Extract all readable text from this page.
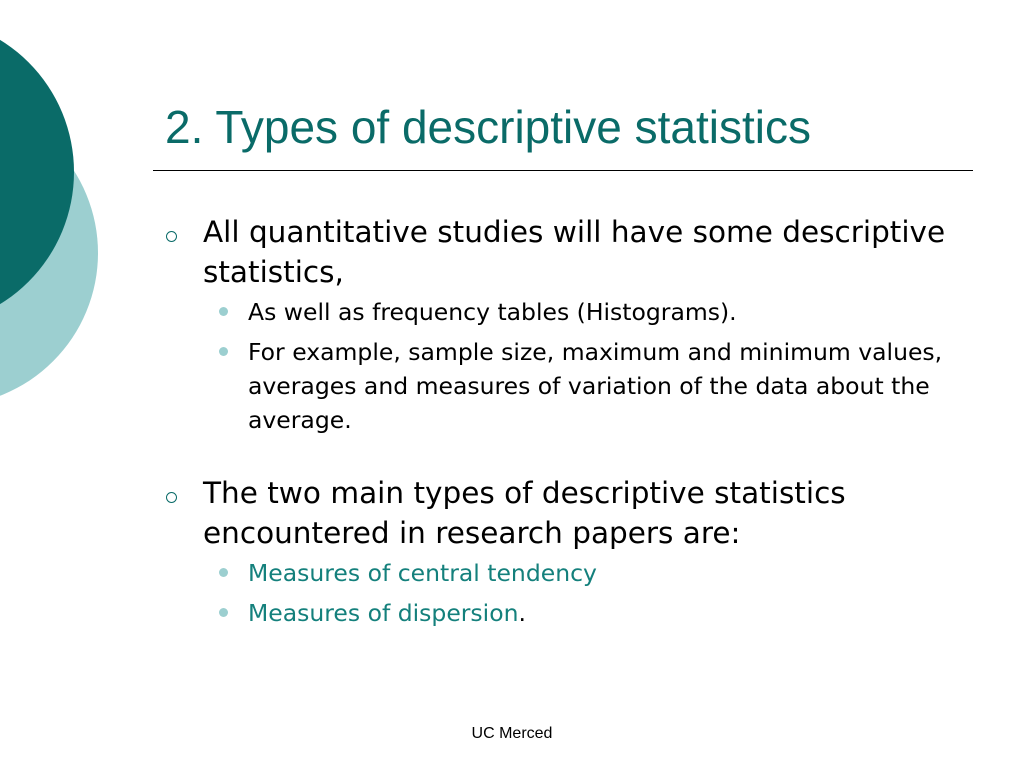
2. Types of descriptive statistics
All quantitative studies will have some descriptive statistics,
As well as frequency tables (Histograms).
For example, sample size, maximum and minimum values, averages and measures of variation of the data about the average.
The two main types of descriptive statistics encountered in research papers are:
Measures of central tendency
Measures of dispersion.
UC Merced
